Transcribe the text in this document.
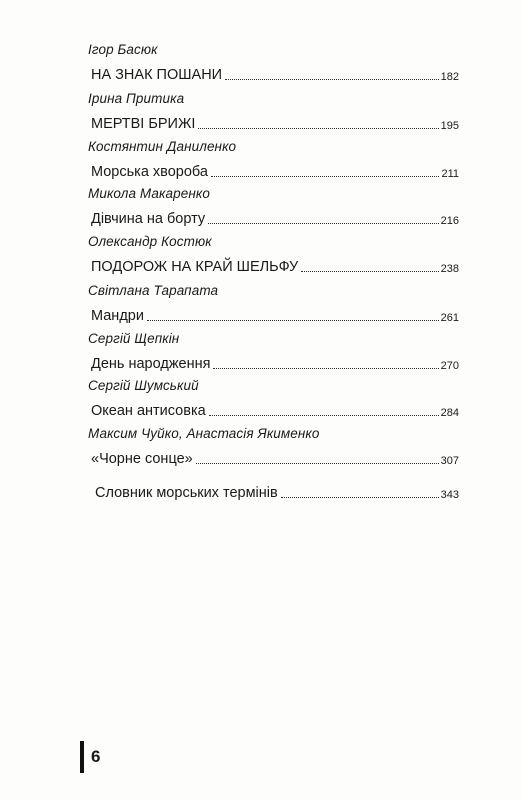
Ігор Басюк
НА ЗНАК ПОШАНИ	182
Ірина Притика
МЕРТВІ БРИЖІ	195
Костянтин Даниленко
Морська хвороба	211
Микола Макаренко
Дівчина на борту	216
Олександр Костюк
ПОДОРОЖ НА КРАЙ ШЕЛЬФУ	238
Світлана Тарапата
Мандри	261
Сергій Щепкін
День народження	270
Сергій Шумський
Океан антисовка	284
Максим Чуйко, Анастасія Якименко
«Чорне сонце»	307
Словник морських термінів	343
6
